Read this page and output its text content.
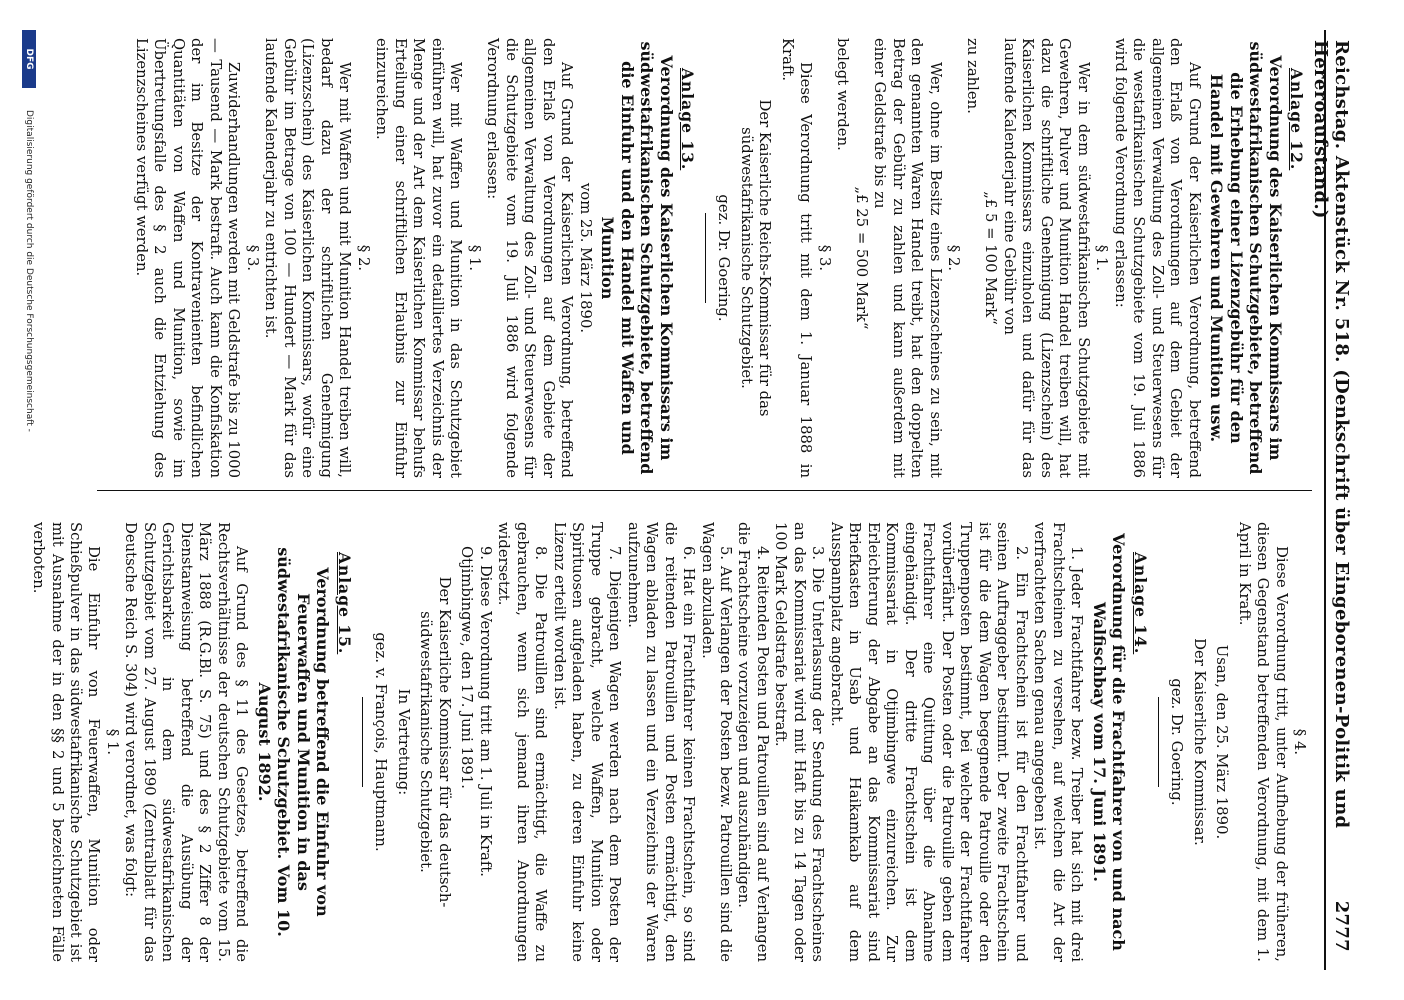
Reichstag. Aktenstück Nr. 518. (Denkschrift über Eingeborenen-Politik und Hereroaufstand.)
2777
Anlage 12.
Verordnung des Kaiserlichen Kommissars im südwestafrikanischen Schutzgebiete, betreffend die Erhebung einer Lizenzgebühr für den Handel mit Gewehren und Munition usw.

Auf Grund der Kaiserlichen Verordnung, betreffend den Erlaß von Verordnungen auf dem Gebiet der allgemeinen Verwaltung des Zoll- und Steuerwesens für die westafrikanischen Schutzgebiete vom 19. Juli 1886 wird folgende Verordnung erlassen:

§ 1.

Wer in dem südwestafrikanischen Schutzgebiete mit Gewehren, Pulver und Munition Handel treiben will, hat dazu die schriftliche Genehmigung (Lizenzschein) des Kaiserlichen Kommissars einzuholen und dafür für das laufende Kalenderjahr eine Gebühr von

„£ 5 = 100 Mark“

zu zahlen.

§ 2.

Wer, ohne im Besitz eines Lizenzscheines zu sein, mit den genannten Waren Handel treibt, hat den doppelten Betrag der Gebühr zu zahlen und kann außerdem mit einer Geldstrafe bis zu

„£ 25 = 500 Mark“

belegt werden.

§ 3.

Diese Verordnung tritt mit dem 1. Januar 1888 in Kraft.

Der Kaiserliche Reichs-Kommissar für das südwestafrikanische Schutzgebiet.
gez. Dr. Goering.
Anlage 13.
Verordnung des Kaiserlichen Kommissars im südwestafrikanischen Schutzgebiete, betreffend die Einfuhr und den Handel mit Waffen und Munition
vom 25. März 1890.

Auf Grund der Kaiserlichen Verordnung, betreffend den Erlaß von Verordnungen auf dem Gebiete der allgemeinen Verwaltung des Zoll- und Steuerwesens für die Schutzgebiete vom 19. Juli 1886 wird folgende Verordnung erlassen:

§ 1.

Wer mit Waffen und Munition in das Schutzgebiet einführen will, hat zuvor ein detailliertes Verzeichnis der Menge und der Art dem Kaiserlichen Kommissar behufs Erteilung einer schriftlichen Erlaubnis zur Einfuhr einzureichen.

§ 2.

Wer mit Waffen und mit Munition Handel treiben will, bedarf dazu der schriftlichen Genehmigung (Lizenzschein) des Kaiserlichen Kommissars, wofür eine Gebühr im Betrage von 100 — Hundert — Mark für das laufende Kalenderjahr zu entrichten ist.

§ 3.

Zuwiderhandlungen werden mit Geldstrafe bis zu 1000 — Tausend — Mark bestraft. Auch kann die Konfiskation der im Besitze der Kontravenienten befindlichen Quantitäten von Waffen und Munition, sowie im Übertretungsfalle des § 2 auch die Entziehung des Lizenzscheines verfügt werden.

§ 4.

Diese Verordnung tritt, unter Aufhebung der früheren, diesen Gegenstand betreffenden Verordnung, mit dem 1. April in Kraft.

Usan, den 25. März 1890.
Der Kaiserliche Kommissar.
gez. Dr. Goering.
Anlage 14.
Verordnung für die Frachtfahrer von und nach Walfischbay vom 17. Juni 1891.

1. Jeder Frachtfahrer bezw. Treiber hat sich mit drei Frachtscheinen zu versehen, auf welchen die Art der verfrachteten Sachen genau angegeben ist.

2. Ein Frachtschein ist für den Frachtfahrer und seinen Auftraggeber bestimmt. Der zweite Frachtschein ist für die dem Wagen begegnende Patrouille oder den Truppenposten bestimmt, bei welcher der Frachtfahrer vorüberfährt. Der Posten oder die Patrouille geben dem Frachtfahrer eine Quittung über die Abnahme eingehändigt. Der dritte Frachtschein ist dem Kommissariat in Otjimbingwe einzureichen. Zur Erleichterung der Abgabe an das Kommissariat sind Briefkasten in Usab und Haikamkab auf dem Ausspannplatz angebracht.

3. Die Unterlassung der Sendung des Frachtscheines an das Kommissariat wird mit Haft bis zu 14 Tagen oder 100 Mark Geldstrafe bestraft.

4. Reitenden Posten und Patrouillen sind auf Verlangen die Frachtscheine vorzuzeigen und auszuhändigen.

5. Auf Verlangen der Posten bezw. Patrouillen sind die Wagen abzuladen.

6. Hat ein Frachtfahrer keinen Frachtschein, so sind die reitenden Patrouillen und Posten ermächtigt, den Wagen abladen zu lassen und ein Verzeichnis der Waren aufzunehmen.

7. Diejenigen Wagen werden nach dem Posten der Truppe gebracht, welche Waffen, Munition oder Spirituosen aufgeladen haben, zu deren Einfuhr keine Lizenz erteilt worden ist.

8. Die Patrouillen sind ermächtigt, die Waffe zu gebrauchen, wenn sich jemand ihren Anordnungen widersetzt.

9. Diese Verordnung tritt am 1. Juli in Kraft.

Otjimbingwe, den 17. Juni 1891.

Der Kaiserliche Kommissar für das deutsch-südwestafrikanische Schutzgebiet.
In Vertretung:
gez. v. François, Hauptmann.
Anlage 15.
Verordnung betreffend die Einfuhr von Feuerwaffen und Munition in das südwestafrikanische Schutzgebiet. Vom 10. August 1892.

Auf Grund des § 11 des Gesetzes, betreffend die Rechtsverhältnisse der deutschen Schutzgebiete vom 15. März 1888 (R.G.Bl. S. 75) und des § 2 Ziffer 8 der Dienstanweisung betreffend die Ausübung der Gerichtsbarkeit in dem südwestafrikanischen Schutzgebiet vom 27. August 1890 (Zentralblatt für das Deutsche Reich S. 304) wird verordnet, was folgt:

§ 1.

Die Einfuhr von Feuerwaffen, Munition oder Schießpulver in das südwestafrikanische Schutzgebiet ist mit Ausnahme der in den §§ 2 und 5 bezeichneten Fälle verboten.

DFG
Digitalisierung gefördert durch die Deutsche Forschungsgemeinschaft -
